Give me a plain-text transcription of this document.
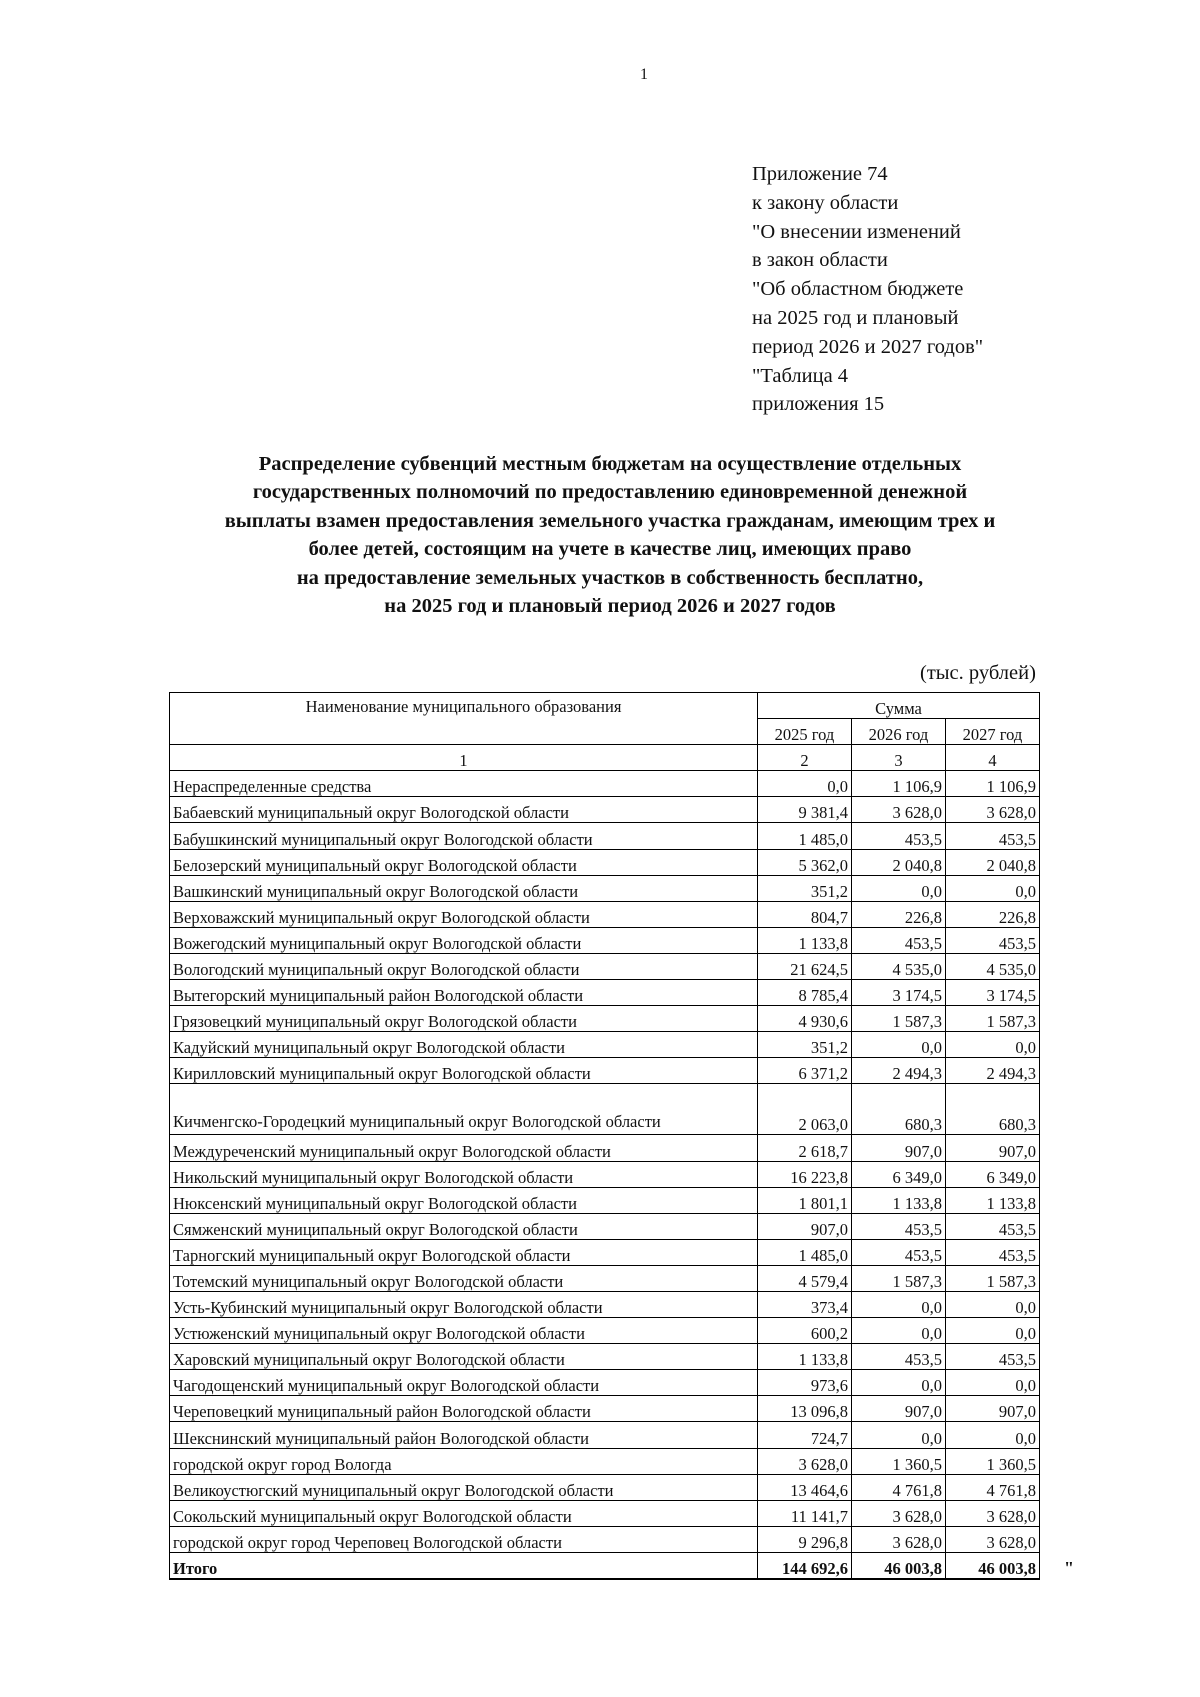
1
Приложение 74
к закону области
"О внесении изменений
в закон области
"Об областном бюджете
на 2025 год и плановый
период 2026 и 2027 годов"
"Таблица 4
приложения 15
Распределение субвенций местным бюджетам на осуществление отдельных
государственных полномочий по предоставлению единовременной денежной
выплаты взамен предоставления земельного участка гражданам, имеющим трех и
более детей, состоящим на учете в качестве лиц, имеющих право
на предоставление земельных участков в собственность бесплатно,
на 2025 год и плановый период 2026 и 2027 годов
(тыс. рублей)
Наименование муниципального образования	Сумма		
	2025 год	2026 год	2027 год
1	2	3	4
Нераспределенные средства	0,0	1 106,9	1 106,9
Бабаевский муниципальный округ Вологодской области	9 381,4	3 628,0	3 628,0
Бабушкинский муниципальный округ Вологодской области	1 485,0	453,5	453,5
Белозерский муниципальный округ Вологодской области	5 362,0	2 040,8	2 040,8
Вашкинский муниципальный округ Вологодской области	351,2	0,0	0,0
Верховажский муниципальный округ Вологодской области	804,7	226,8	226,8
Вожегодский муниципальный округ Вологодской области	1 133,8	453,5	453,5
Вологодский муниципальный округ Вологодской области	21 624,5	4 535,0	4 535,0
Вытегорский муниципальный район Вологодской области	8 785,4	3 174,5	3 174,5
Грязовецкий муниципальный округ Вологодской области	4 930,6	1 587,3	1 587,3
Кадуйский муниципальный округ Вологодской области	351,2	0,0	0,0
Кирилловский муниципальный округ Вологодской области	6 371,2	2 494,3	2 494,3
Кичменгско-Городецкий муниципальный округ Вологодской области	2 063,0	680,3	680,3
Междуреченский муниципальный округ Вологодской области	2 618,7	907,0	907,0
Никольский муниципальный округ Вологодской области	16 223,8	6 349,0	6 349,0
Нюксенский муниципальный округ Вологодской области	1 801,1	1 133,8	1 133,8
Сямженский муниципальный округ Вологодской области	907,0	453,5	453,5
Тарногский муниципальный округ Вологодской области	1 485,0	453,5	453,5
Тотемский муниципальный округ Вологодской области	4 579,4	1 587,3	1 587,3
Усть-Кубинский муниципальный округ Вологодской области	373,4	0,0	0,0
Устюженский муниципальный округ Вологодской области	600,2	0,0	0,0
Харовский муниципальный округ Вологодской области	1 133,8	453,5	453,5
Чагодощенский муниципальный округ Вологодской области	973,6	0,0	0,0
Череповецкий муниципальный район Вологодской области	13 096,8	907,0	907,0
Шекснинский муниципальный район Вологодской области	724,7	0,0	0,0
городской округ город Вологда	3 628,0	1 360,5	1 360,5
Великоустюгский муниципальный округ Вологодской области	13 464,6	4 761,8	4 761,8
Сокольский муниципальный округ Вологодской области	11 141,7	3 628,0	3 628,0
городской округ город Череповец Вологодской области	9 296,8	3 628,0	3 628,0
Итого	144 692,6	46 003,8	46 003,8 "
